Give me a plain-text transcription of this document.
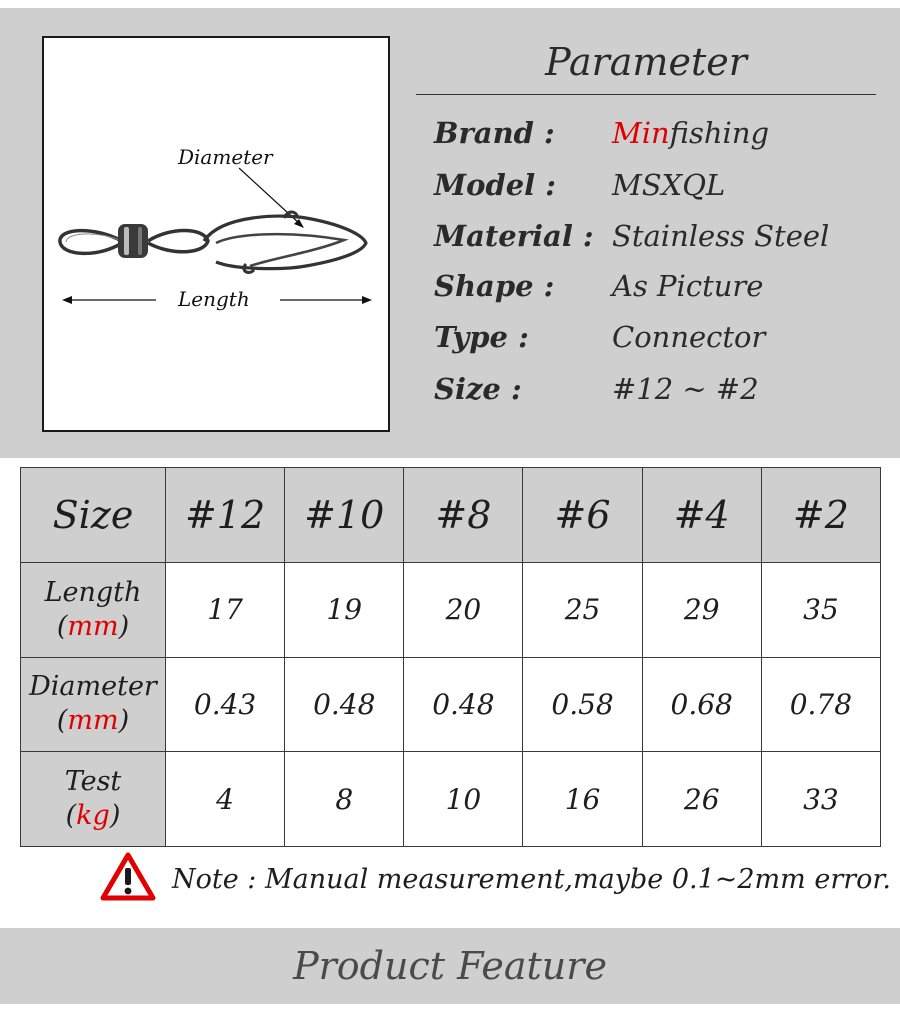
Diameter
Length
Parameter
Brand : Minfishing
Model : MSXQL
Material : Stainless Steel
Shape : As Picture
Type :	Connector
Size :	#12 ~ #2
Size	#12	#10	#8	#6	#4	#2
Length
(mm)	17	19	20	25	29	35
Diameter
(mm)	0.43	0.48	0.48	0.58	0.68	0.78
Test
(kg)	4	8	10	16	26	33
Note : Manual measurement,maybe 0.1~2mm error.
Product Feature
